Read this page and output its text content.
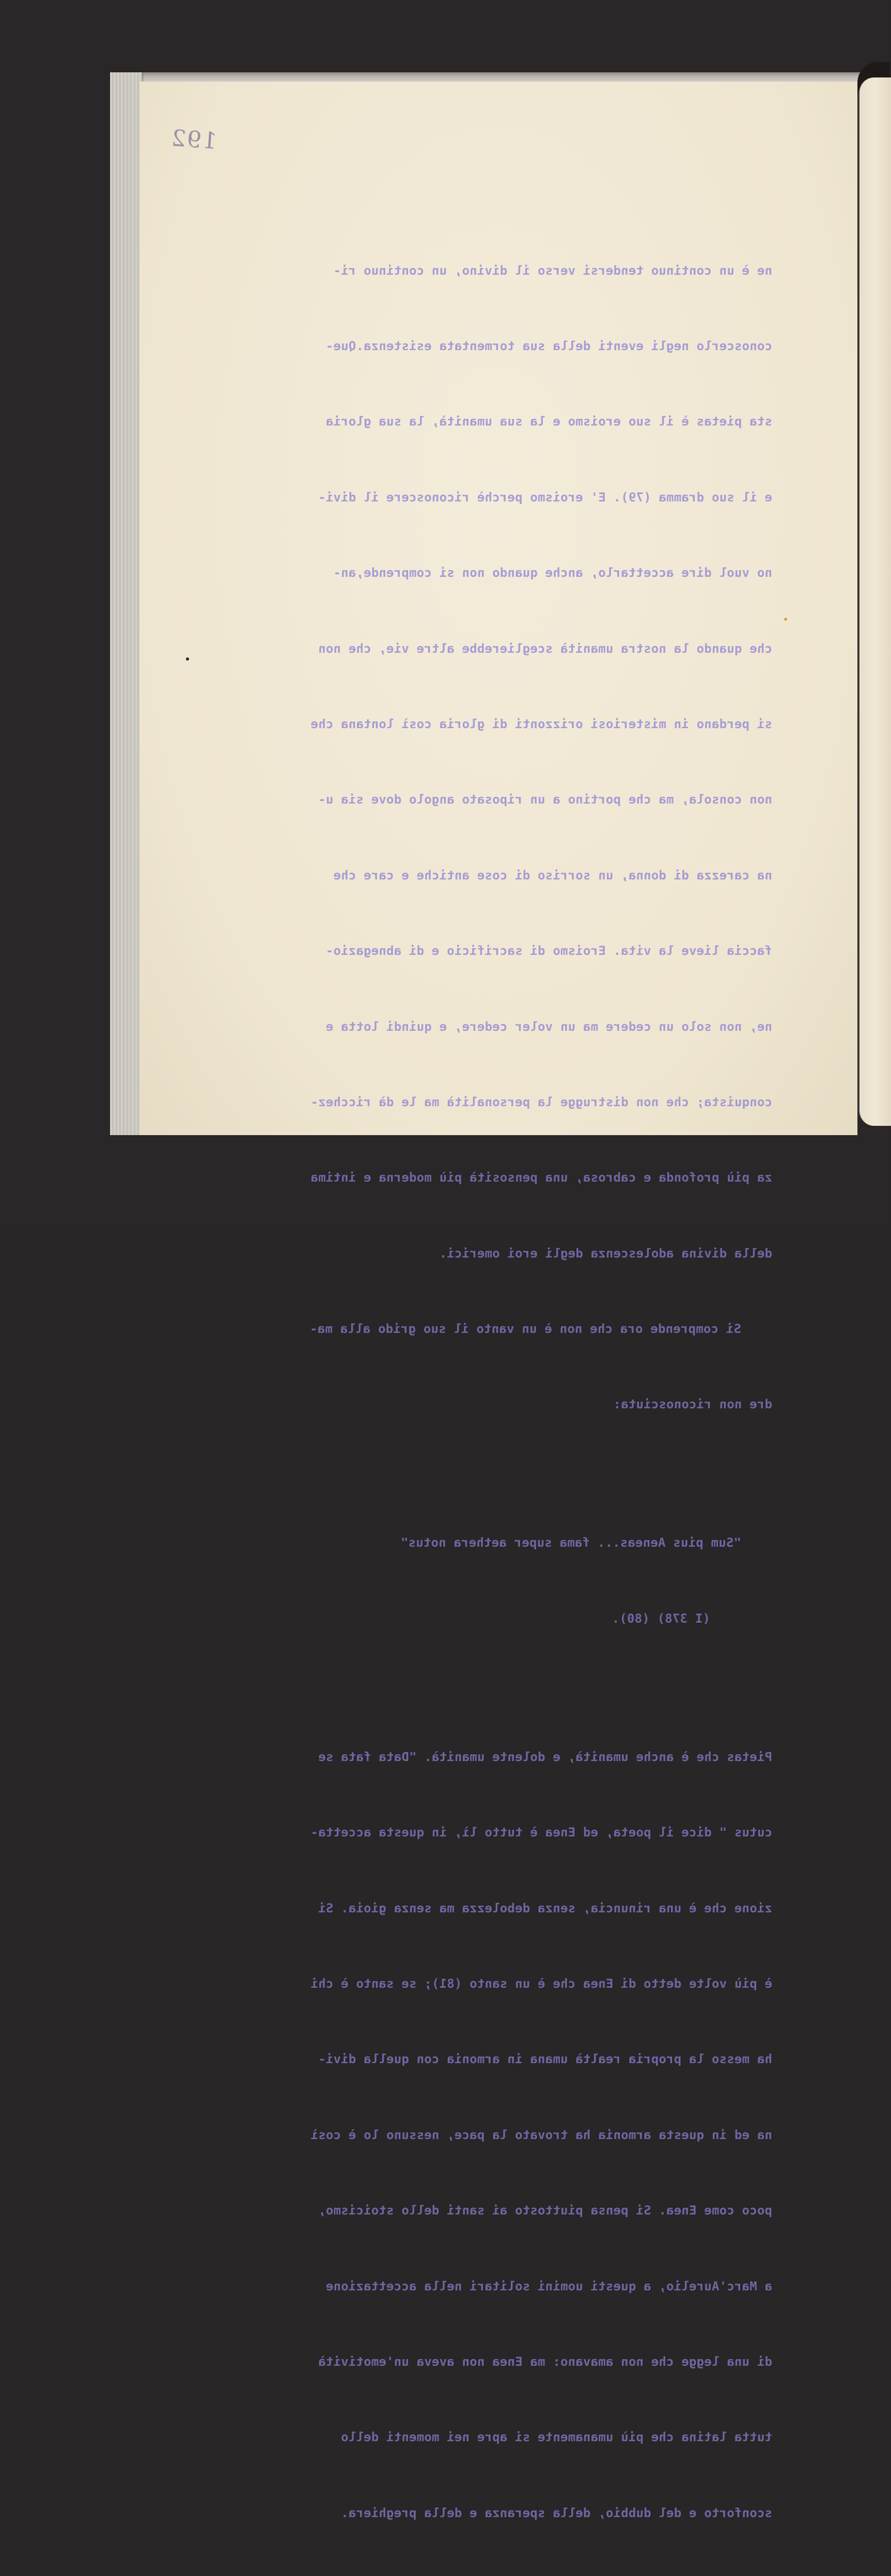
192

ne è un continuo tendersi verso il divino, un continuo ri-

conoscerlo negli eventi della sua tormentata esistenza.Que-

sta pietas è il suo eroismo e la sua umanità, la sua gloria

e il suo dramma (79). E' eroismo perchè riconoscere il divi-

no vuol dire accettarlo, anche quando non si comprende,an-

che quando la nostra umanità sceglierebbe altre vie, che non

si perdano in misteriosi orizzonti di gloria così lontana che

non consola, ma che portino a un riposato angolo dove sia u-

na carezza di donna, un sorriso di cose antiche e care che

faccia lieve la vita. Eroismo di sacrificio e di abnegazio-

ne, non solo un cedere ma un voler cedere, e quindi lotta e

conquista; che non distrugge la personalità ma le dà ricchez-

za più profonda e cabrosa, una pensosità più moderna e intima

della divina adolescenza degli eroi omerici.

Si comprende ora che non è un vanto il suo grido alla ma-

dre non riconosciuta:

"Sum pius Aeneas... fama super aethera notus"

(I 378) (80).

Pietas che è anche umanità, e dolente umanità. "Data fata se

cutus " dice il poeta, ed Enea è tutto lì, in questa accetta-

zione che è una rinuncia, senza debolezza ma senza gioia. Si

è più volte detto di Enea che è un santo (81); se santo è chi

ha messo la propria realtà umana in armonia con quella divi-

na ed in questa armonia ha trovato la pace, nessuno lo è così

poco come Enea. Si pensa piuttosto ai santi dello stoicismo,

a Marc'Aurelio, a questi uomini solitari nella accettazione

di una legge che non amavano: ma Enea non aveva un'emotività

tutta latina che più umanamente si apre nei momenti dello

sconforto e del dubbio, della speranza e della preghiera.
